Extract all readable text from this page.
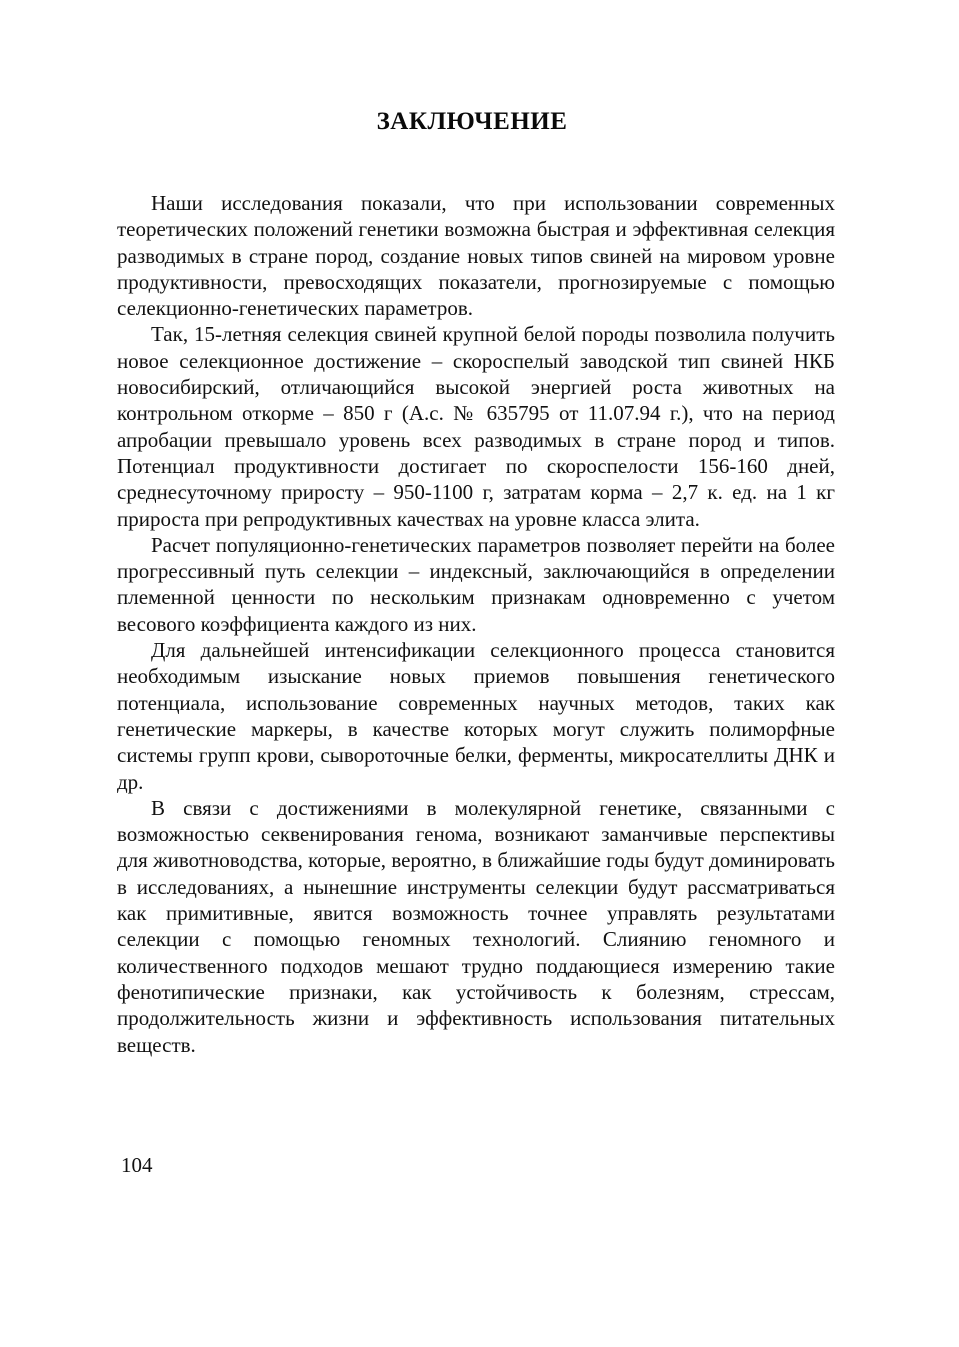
ЗАКЛЮЧЕНИЕ

Наши исследования показали, что при использовании современных теоретических положений генетики возможна быстрая и эффективная селекция разводимых в стране пород, создание новых типов свиней на мировом уровне продуктивности, превосходящих показатели, прогнозируемые с помощью селекционно-генетических параметров.

Так, 15-летняя селекция свиней крупной белой породы позволила получить новое селекционное достижение – скороспелый заводской тип свиней НКБ новосибирский, отличающийся высокой энергией роста животных на контрольном откорме – 850 г (А.с. № 635795 от 11.07.94 г.), что на период апробации превышало уровень всех разводимых в стране пород и типов. Потенциал продуктивности достигает по скороспелости 156-160 дней, среднесуточному приросту – 950-1100 г, затратам корма – 2,7 к. ед. на 1 кг прироста при репродуктивных качествах на уровне класса элита.

Расчет популяционно-генетических параметров позволяет перейти на более прогрессивный путь селекции – индексный, заключающийся в определении племенной ценности по нескольким признакам одновременно с учетом весового коэффициента каждого из них.

Для дальнейшей интенсификации селекционного процесса становится необходимым изыскание новых приемов повышения генетического потенциала, использование современных научных методов, таких как генетические маркеры, в качестве которых могут служить полиморфные системы групп крови, сывороточные белки, ферменты, микросателлиты ДНК и др.

В связи с достижениями в молекулярной генетике, связанными с возможностью секвенирования генома, возникают заманчивые перспективы для животноводства, которые, вероятно, в ближайшие годы будут доминировать в исследованиях, а нынешние инструменты селекции будут рассматриваться как примитивные, явится возможность точнее управлять результатами селекции с помощью геномных технологий. Слиянию геномного и количественного подходов мешают трудно поддающиеся измерению такие фенотипические признаки, как устойчивость к болезням, стрессам, продолжительность жизни и эффективность использования питательных веществ.

104
